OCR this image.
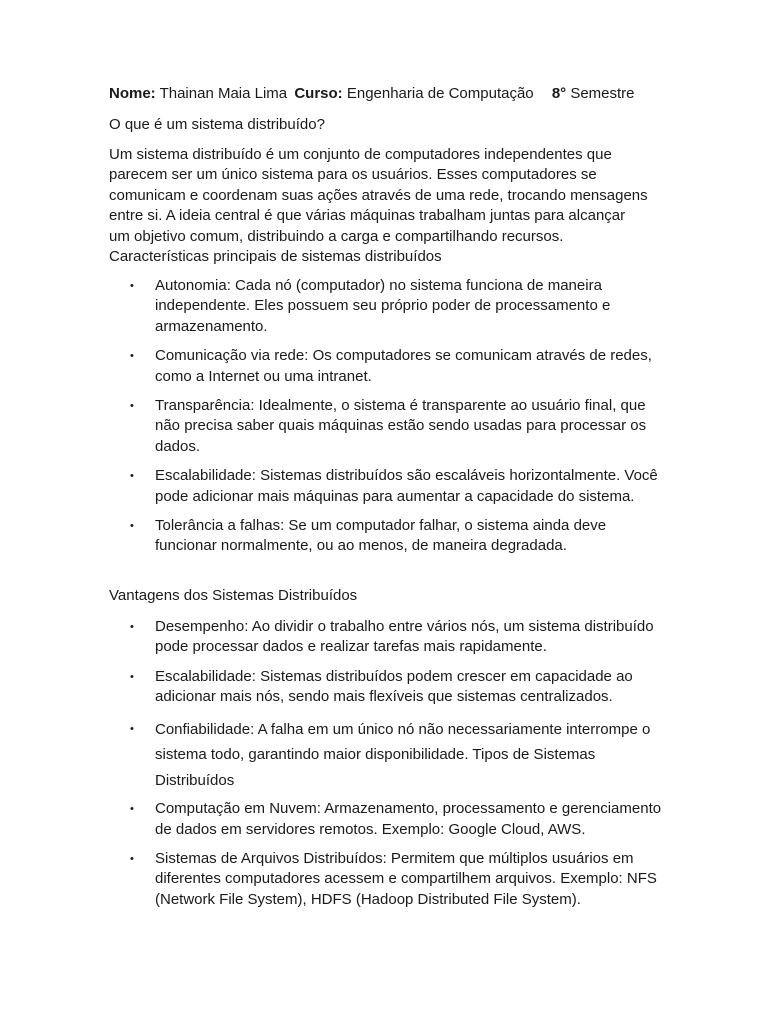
Nome: Thainan Maia Lima Curso: Engenharia de Computação 8° Semestre
O que é um sistema distribuído?
Um sistema distribuído é um conjunto de computadores independentes que parecem ser um único sistema para os usuários. Esses computadores se comunicam e coordenam suas ações através de uma rede, trocando mensagens entre si. A ideia central é que várias máquinas trabalham juntas para alcançar um objetivo comum, distribuindo a carga e compartilhando recursos. Características principais de sistemas distribuídos
• Autonomia: Cada nó (computador) no sistema funciona de maneira independente. Eles possuem seu próprio poder de processamento e armazenamento.
• Comunicação via rede: Os computadores se comunicam através de redes, como a Internet ou uma intranet.
• Transparência: Idealmente, o sistema é transparente ao usuário final, que não precisa saber quais máquinas estão sendo usadas para processar os dados.
• Escalabilidade: Sistemas distribuídos são escaláveis horizontalmente. Você pode adicionar mais máquinas para aumentar a capacidade do sistema.
• Tolerância a falhas: Se um computador falhar, o sistema ainda deve funcionar normalmente, ou ao menos, de maneira degradada.
Vantagens dos Sistemas Distribuídos
• Desempenho: Ao dividir o trabalho entre vários nós, um sistema distribuído pode processar dados e realizar tarefas mais rapidamente.
• Escalabilidade: Sistemas distribuídos podem crescer em capacidade ao adicionar mais nós, sendo mais flexíveis que sistemas centralizados.
• Confiabilidade: A falha em um único nó não necessariamente interrompe o sistema todo, garantindo maior disponibilidade. Tipos de Sistemas Distribuídos
• Computação em Nuvem: Armazenamento, processamento e gerenciamento de dados em servidores remotos. Exemplo: Google Cloud, AWS.
• Sistemas de Arquivos Distribuídos: Permitem que múltiplos usuários em diferentes computadores acessem e compartilhem arquivos. Exemplo: NFS (Network File System), HDFS (Hadoop Distributed File System).
